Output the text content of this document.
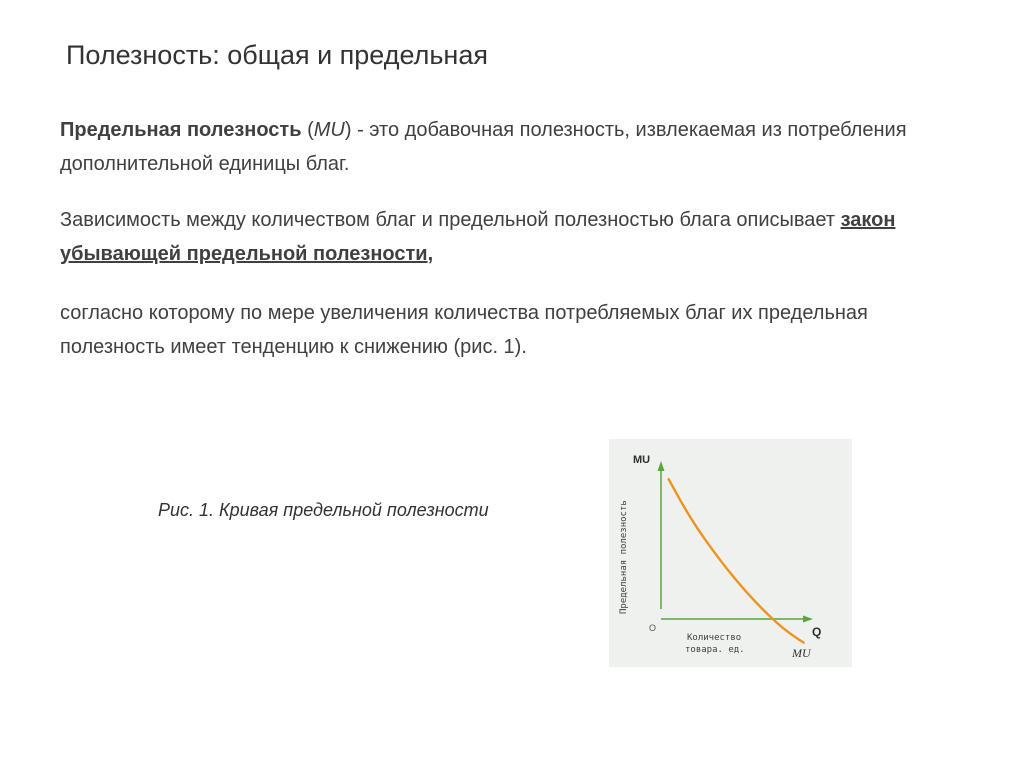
Полезность: общая и предельная

Предельная полезность (MU) - это добавочная полезность, извлекаемая из потребления дополнительной единицы благ.

Зависимость между количеством благ и предельной полезностью блага описывает закон убывающей предельной полезности,

согласно которому по мере увеличения количества потребляемых благ их предельная полезность имеет тенденцию к снижению (рис. 1).

Рис. 1. Кривая предельной полезности

MU
Предельная полезность
O	Q
Количество
товара. ед.	MU
